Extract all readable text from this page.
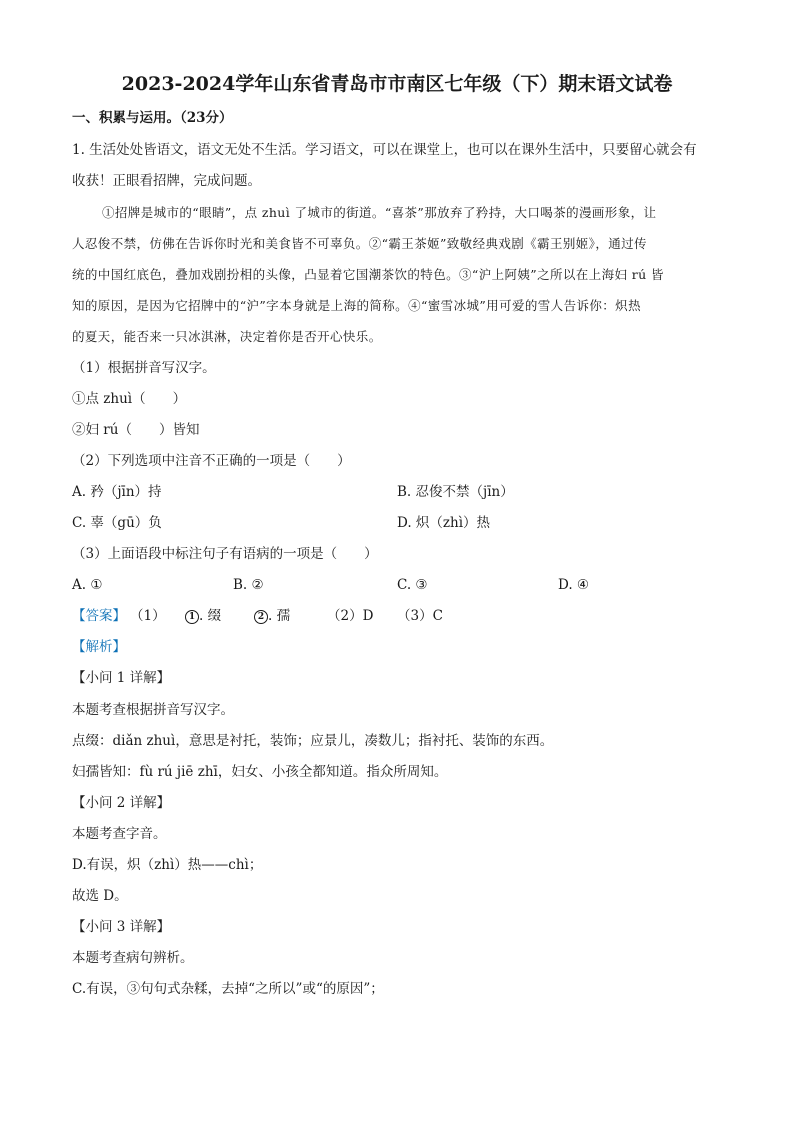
2023-2024学年山东省青岛市市南区七年级（下）期末语文试卷
一、积累与运用。（23分）
1. 生活处处皆语文，语文无处不生活。学习语文，可以在课堂上，也可以在课外生活中，只要留心就会有
收获！正眼看招牌，完成问题。
①招牌是城市的“眼睛”，点 zhuì 了城市的街道。“喜茶”那放弃了矜持，大口喝茶的漫画形象，让
人忍俊不禁，仿佛在告诉你时光和美食皆不可辜负。②“霸王茶姬”致敬经典戏剧《霸王别姬》，通过传
统的中国红底色，叠加戏剧扮相的头像，凸显着它国潮茶饮的特色。③“沪上阿姨”之所以在上海妇 rú 皆
知的原因，是因为它招牌中的“沪”字本身就是上海的简称。④“蜜雪冰城”用可爱的雪人告诉你：炽热
的夏天，能否来一只冰淇淋，决定着你是否开心快乐。
（1）根据拼音写汉字。
①点 zhuì（　　）
②妇 rú（　　）皆知
（2）下列选项中注音不正确的一项是（　　）
A. 矜（jīn）持	B. 忍俊不禁（jīn）
C. 辜（gū）负	D. 炽（zhì）热
（3）上面语段中标注句子有语病的一项是（　　）
A. ①	B. ②	C. ③	D. ④
【答案】 （1）	1 . 缀	2 . 孺	（2）D （3）C
【解析】
【小问 1 详解】
本题考查根据拼音写汉字。
点缀：diǎn zhuì，意思是衬托，装饰；应景儿，凑数儿；指衬托、装饰的东西。
妇孺皆知：fù rú jiē zhī，妇女、小孩全都知道。指众所周知。
【小问 2 详解】
本题考查字音。
D.有误，炽（zhì）热——chì；
故选 D。
【小问 3 详解】
本题考查病句辨析。
C.有误，③句句式杂糅，去掉“之所以”或“的原因”；
